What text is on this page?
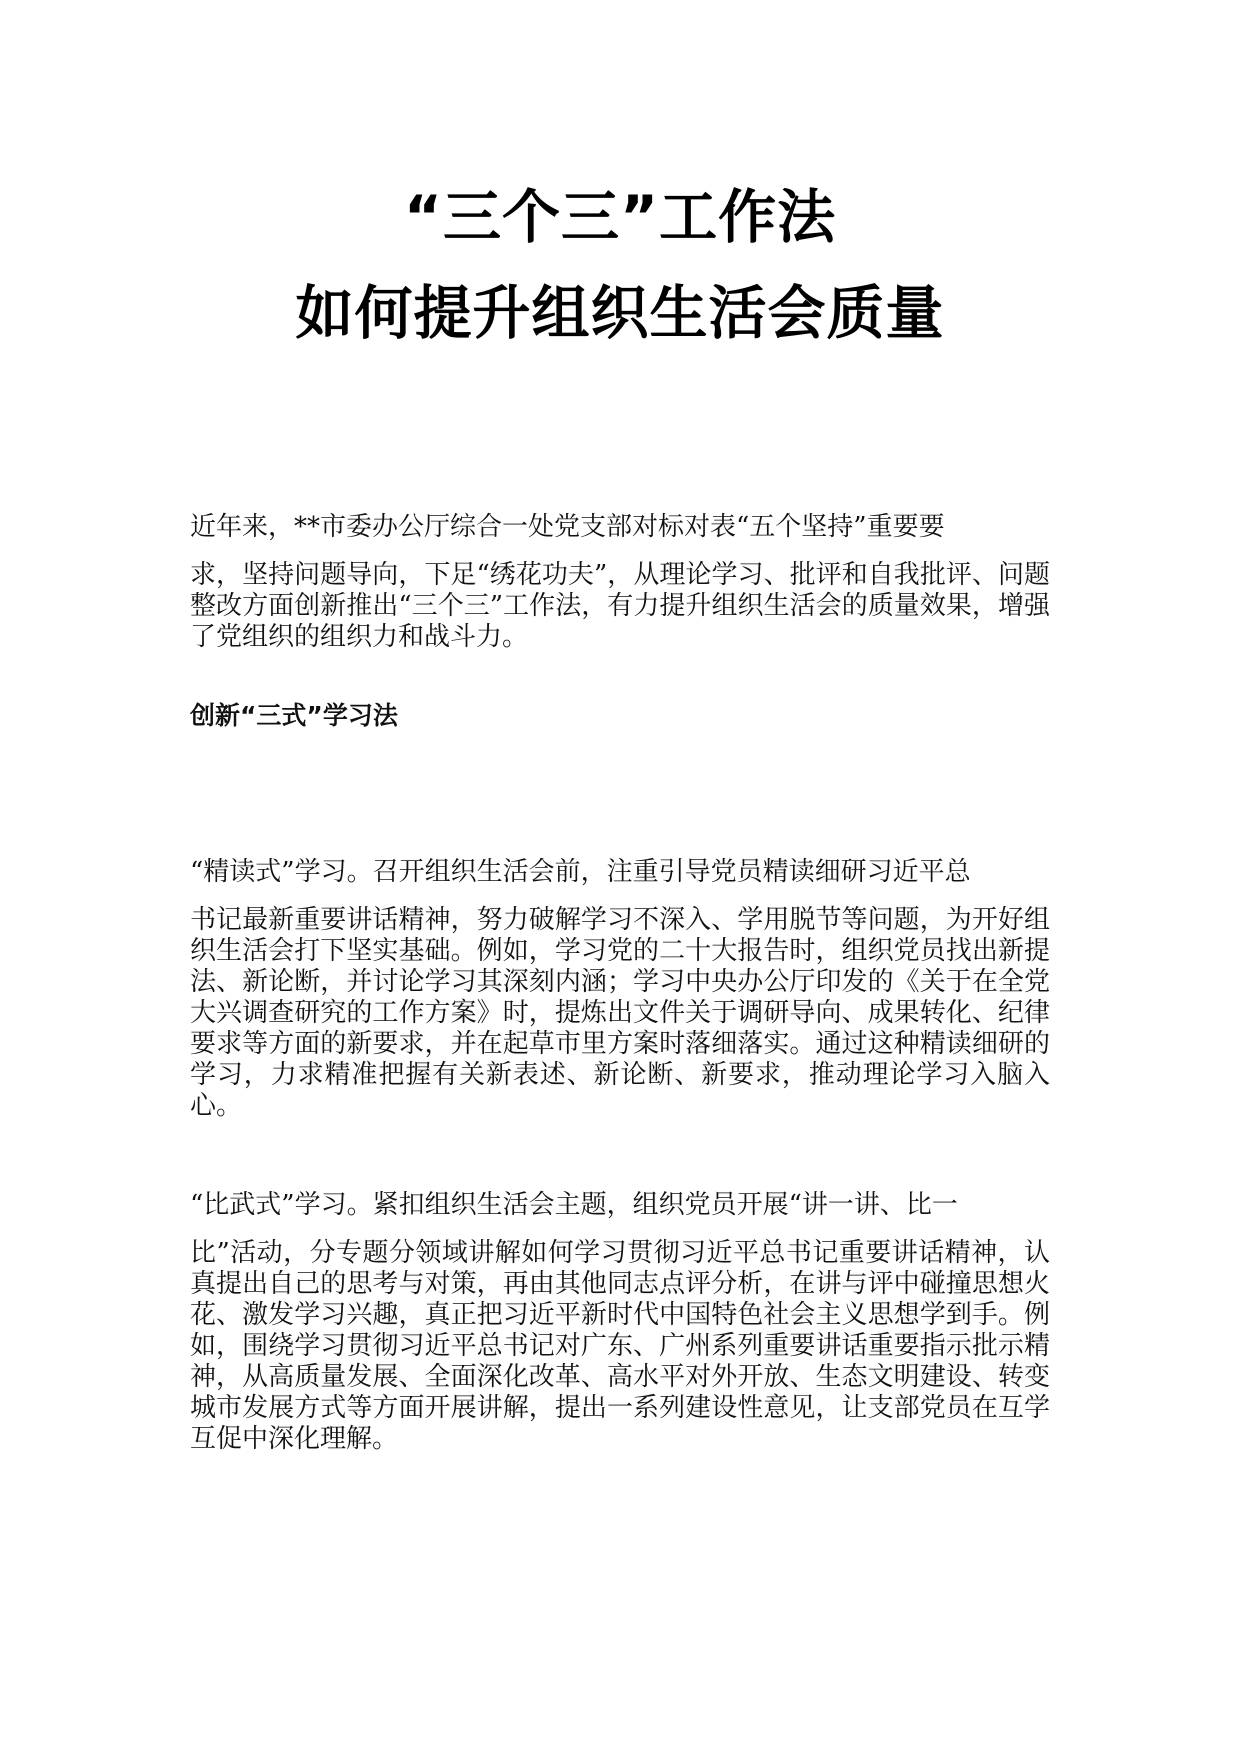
“三个三”工作法
如何提升组织生活会质量
近年来，**市委办公厅综合一处党支部对标对表“五个坚持”重要要
求，坚持问题导向，下足“绣花功夫”，从理论学习、批评和自我批评、问题整改方面创新推出“三个三”工作法，有力提升组织生活会的质量效果，增强了党组织的组织力和战斗力。
创新“三式”学习法
“精读式”学习。召开组织生活会前，注重引导党员精读细研习近平总
书记最新重要讲话精神，努力破解学习不深入、学用脱节等问题，为开好组织生活会打下坚实基础。例如，学习党的二十大报告时，组织党员找出新提法、新论断，并讨论学习其深刻内涵；学习中央办公厅印发的《关于在全党大兴调查研究的工作方案》时，提炼出文件关于调研导向、成果转化、纪律要求等方面的新要求，并在起草市里方案时落细落实。通过这种精读细研的学习，力求精准把握有关新表述、新论断、新要求，推动理论学习入脑入心。
“比武式”学习。紧扣组织生活会主题，组织党员开展“讲一讲、比一
比”活动，分专题分领域讲解如何学习贯彻习近平总书记重要讲话精神，认真提出自己的思考与对策，再由其他同志点评分析，在讲与评中碰撞思想火花、激发学习兴趣，真正把习近平新时代中国特色社会主义思想学到手。例如，围绕学习贯彻习近平总书记对广东、广州系列重要讲话重要指示批示精神，从高质量发展、全面深化改革、高水平对外开放、生态文明建设、转变城市发展方式等方面开展讲解，提出一系列建设性意见，让支部党员在互学互促中深化理解。
